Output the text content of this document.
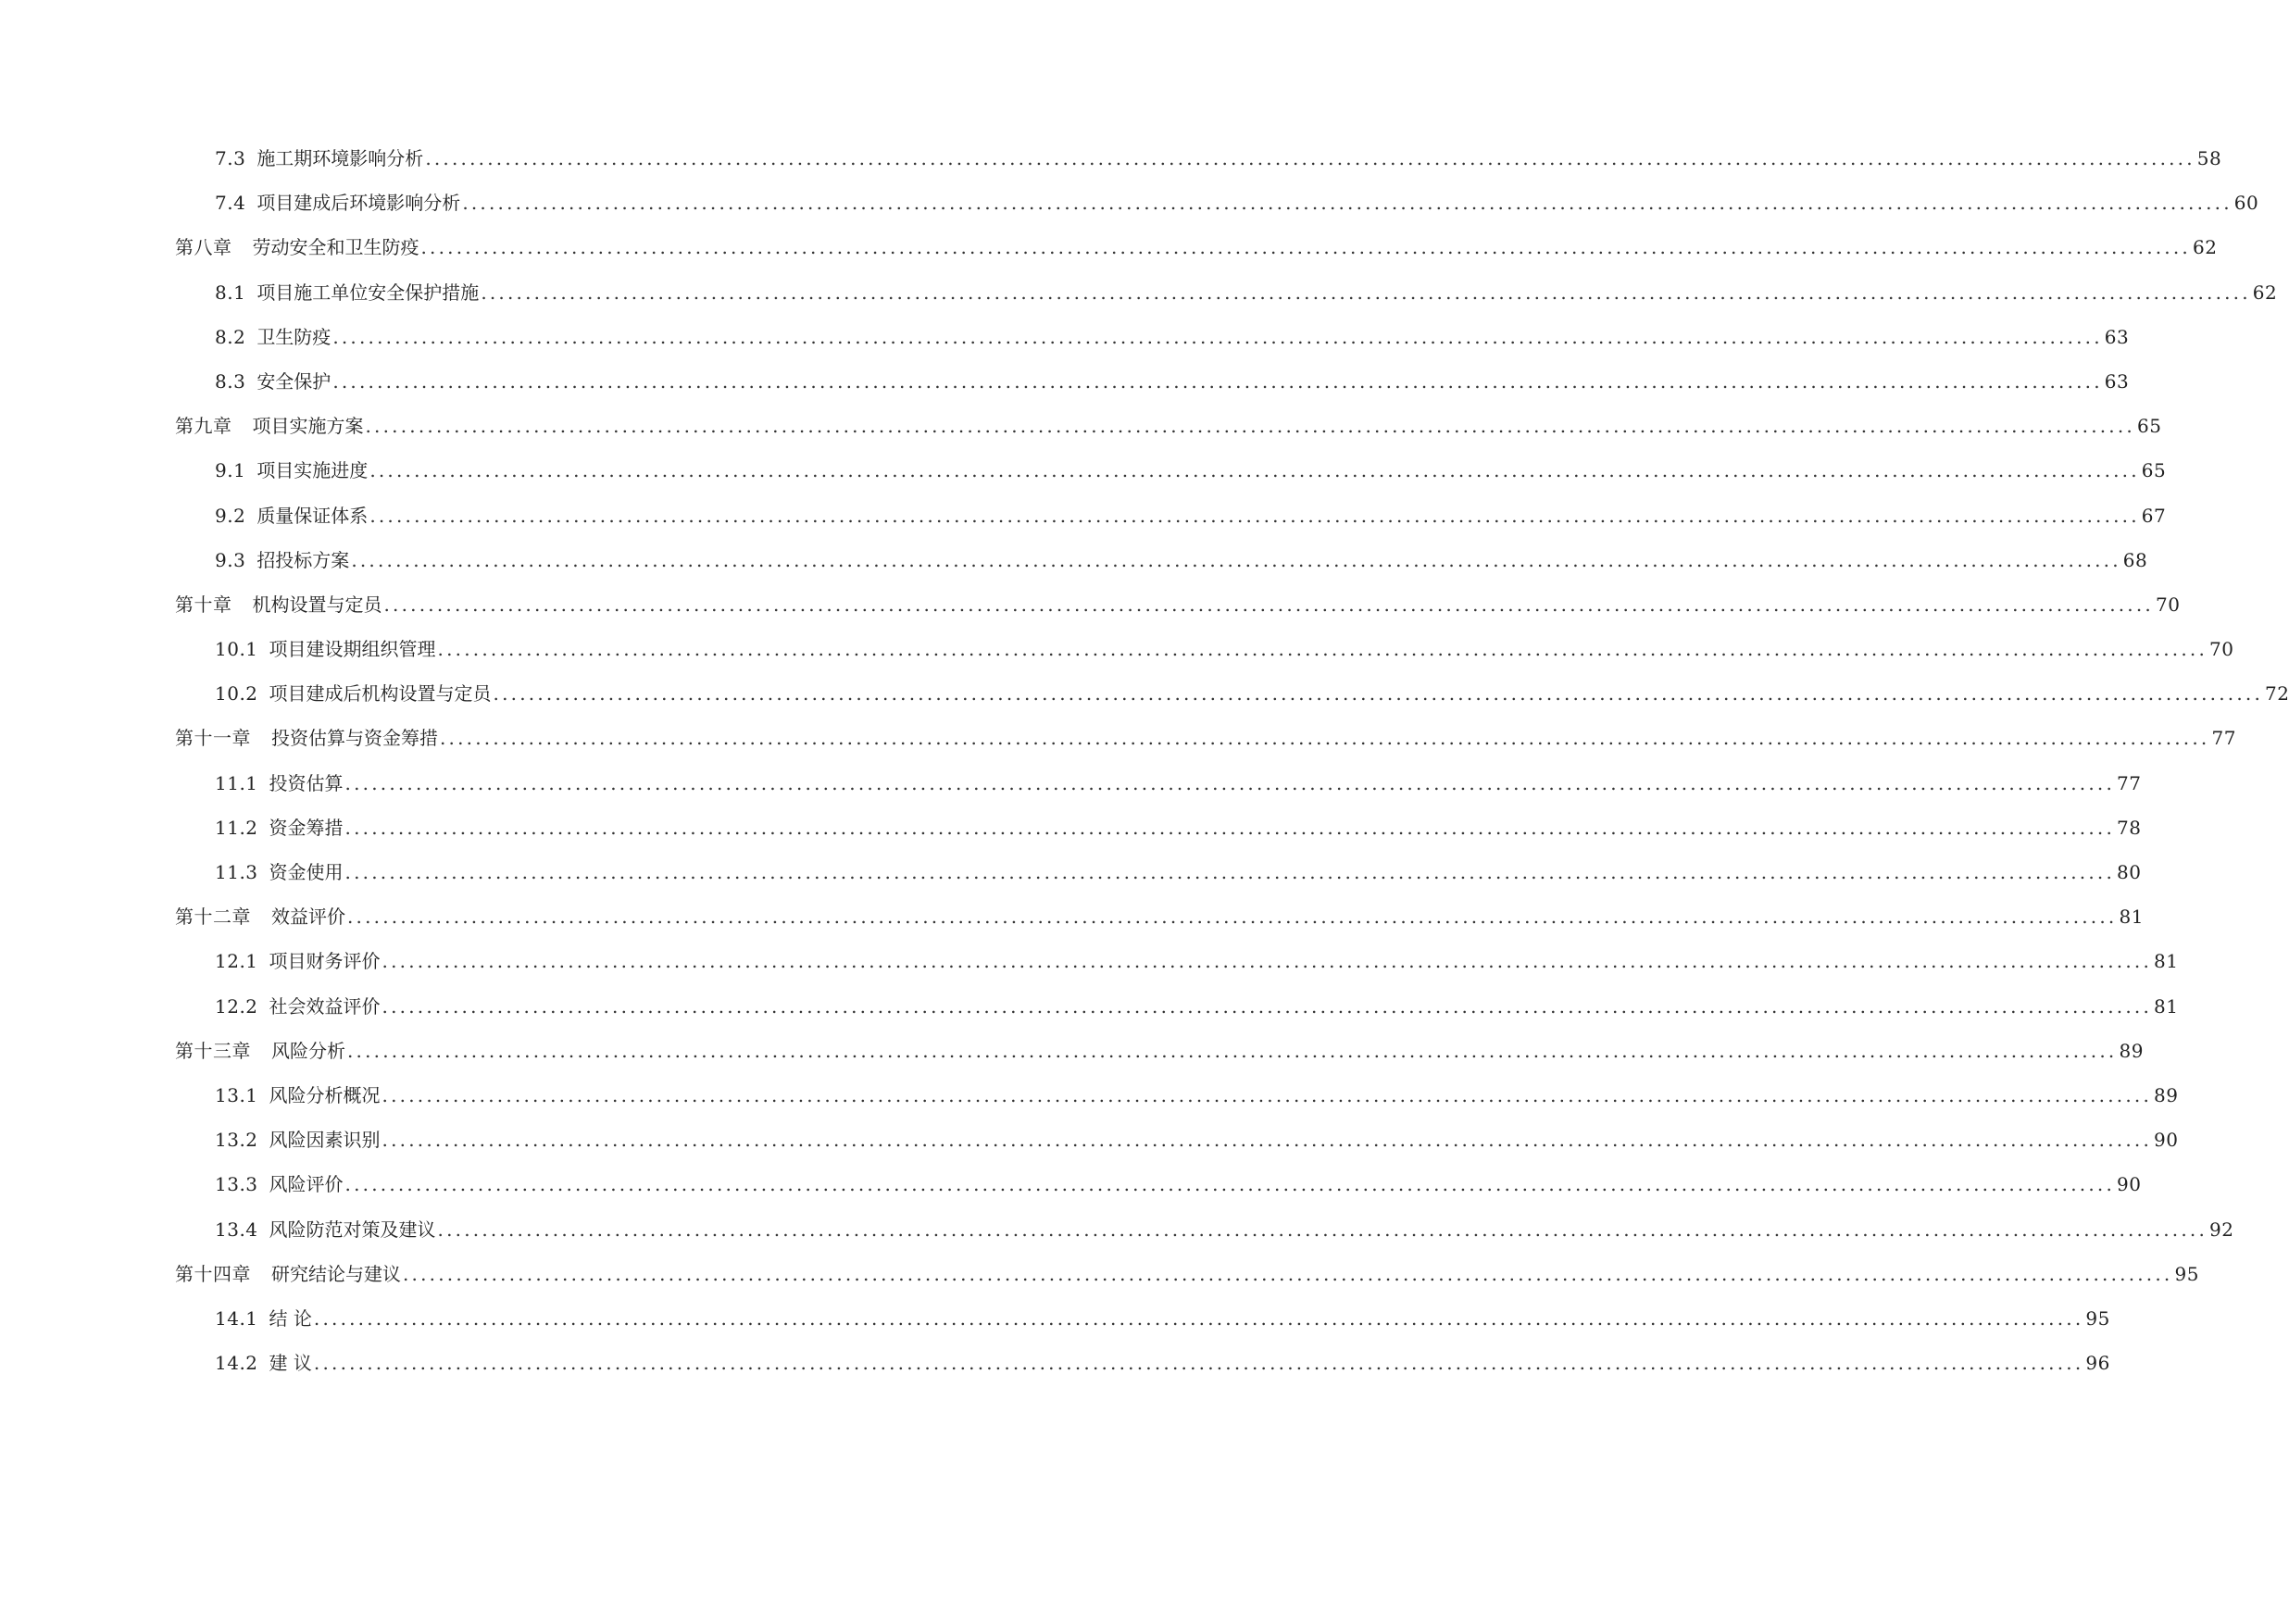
7.3 施工期环境影响分析 ........................................................................................................................................................................................................ 58
7.4 项目建成后环境影响分析 ........................................................................................................................................................................................................ 60
第八章 劳动安全和卫生防疫 ........................................................................................................................................................................................................ 62
8.1 项目施工单位安全保护措施 ........................................................................................................................................................................................................ 62
8.2 卫生防疫 ........................................................................................................................................................................................................ 63
8.3 安全保护 ........................................................................................................................................................................................................ 63
第九章 项目实施方案 ........................................................................................................................................................................................................ 65
9.1 项目实施进度 ........................................................................................................................................................................................................ 65
9.2 质量保证体系 ........................................................................................................................................................................................................ 67
9.3 招投标方案 ........................................................................................................................................................................................................ 68
第十章 机构设置与定员 ........................................................................................................................................................................................................ 70
10.1 项目建设期组织管理 ........................................................................................................................................................................................................ 70
10.2 项目建成后机构设置与定员 ........................................................................................................................................................................................................ 72
第十一章 投资估算与资金筹措 ........................................................................................................................................................................................................ 77
11.1 投资估算 ........................................................................................................................................................................................................ 77
11.2 资金筹措 ........................................................................................................................................................................................................ 78
11.3 资金使用 ........................................................................................................................................................................................................ 80
第十二章 效益评价 ........................................................................................................................................................................................................ 81
12.1 项目财务评价 ........................................................................................................................................................................................................ 81
12.2 社会效益评价 ........................................................................................................................................................................................................ 81
第十三章 风险分析 ........................................................................................................................................................................................................ 89
13.1 风险分析概况 ........................................................................................................................................................................................................ 89
13.2 风险因素识别 ........................................................................................................................................................................................................ 90
13.3 风险评价 ........................................................................................................................................................................................................ 90
13.4 风险防范对策及建议 ........................................................................................................................................................................................................ 92
第十四章 研究结论与建议 ........................................................................................................................................................................................................ 95
14.1 结 论 ........................................................................................................................................................................................................ 95
14.2 建 议 ........................................................................................................................................................................................................ 96
